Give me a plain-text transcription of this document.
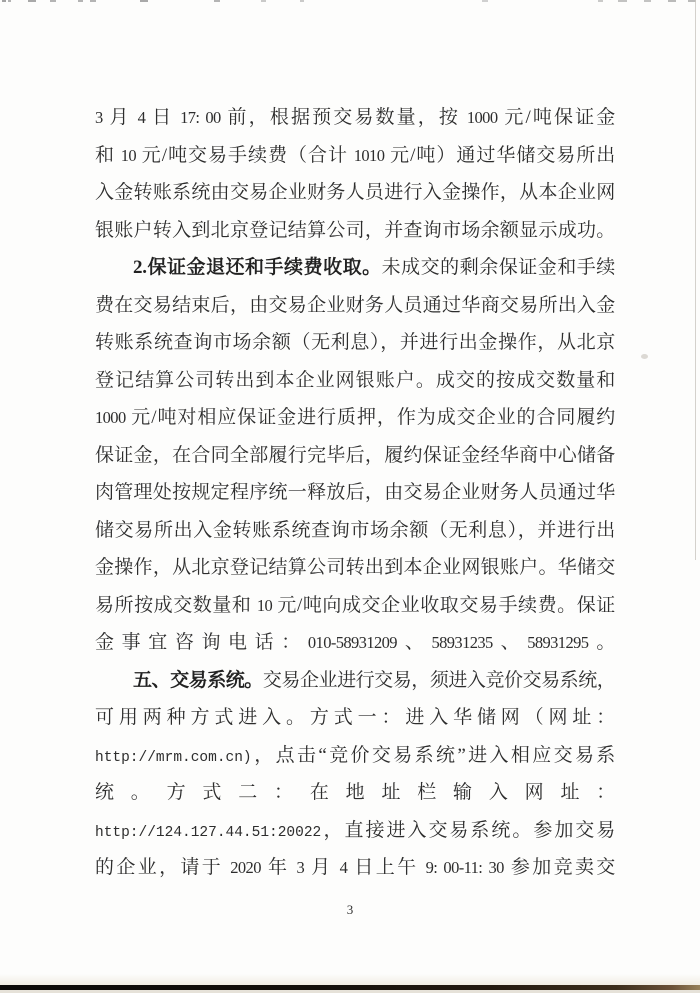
3 月 4 日 17: 00 前，根据预交易数量，按 1000 元/吨保证金
和 10 元/吨交易手续费（合计 1010 元/吨）通过华储交易所出
入金转账系统由交易企业财务人员进行入金操作，从本企业网
银账户转入到北京登记结算公司，并查询市场余额显示成功。
2.保证金退还和手续费收取。未成交的剩余保证金和手续
费在交易结束后，由交易企业财务人员通过华商交易所出入金
转账系统查询市场余额（无利息），并进行出金操作，从北京
登记结算公司转出到本企业网银账户。成交的按成交数量和
1000 元/吨对相应保证金进行质押，作为成交企业的合同履约
保证金，在合同全部履行完毕后，履约保证金经华商中心储备
肉管理处按规定程序统一释放后，由交易企业财务人员通过华
储交易所出入金转账系统查询市场余额（无利息），并进行出
金操作，从北京登记结算公司转出到本企业网银账户。华储交
易所按成交数量和 10 元/吨向成交企业收取交易手续费。保证
金事宜咨询电话：010-58931209、58931235、58931295。
五、交易系统。交易企业进行交易，须进入竞价交易系统，
可用两种方式进入。方式一：进入华储网（网址：
http://mrm.com.cn)，点击“竞价交易系统”进入相应交易系
统。方式二：在地址栏输入网址：
http://124.127.44.51:20022，直接进入交易系统。参加交易
的企业，请于 2020 年 3 月 4 日上午 9: 00-11: 30 参加竞卖交
3
